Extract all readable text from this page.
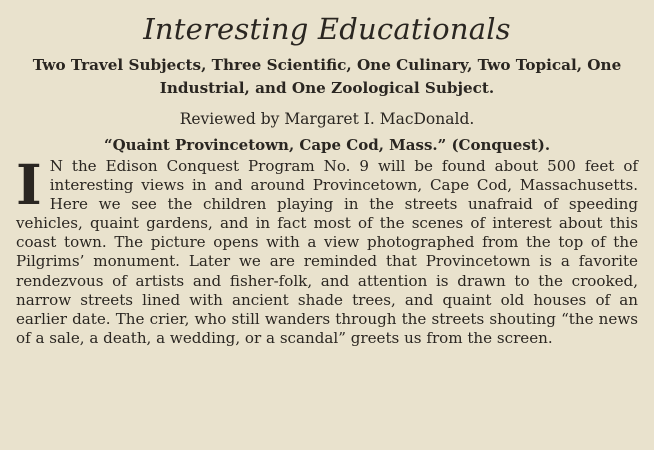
Interesting Educationals

Two Travel Subjects, Three Scientific, One Culinary, Two Topical, One Industrial, and One Zoological Subject.

Reviewed by Margaret I. MacDonald.

“Quaint Provincetown, Cape Cod, Mass.” (Conquest).

I N the Edison Conquest Program No. 9 will be found about 500 feet of interesting views in and around Provincetown, Cape Cod, Massachusetts. Here we see the children playing in the streets unafraid of speeding vehicles, quaint gardens, and in fact most of the scenes of interest about this coast town. The picture opens with a view photographed from the top of the Pilgrims’ monument. Later we are reminded that Provincetown is a favorite rendezvous of artists and fisher-folk, and attention is drawn to the crooked, narrow streets lined with ancient shade trees, and quaint old houses of an earlier date. The crier, who still wanders through the streets shouting “the news of a sale, a death, a wedding, or a scandal” greets us from the screen.
